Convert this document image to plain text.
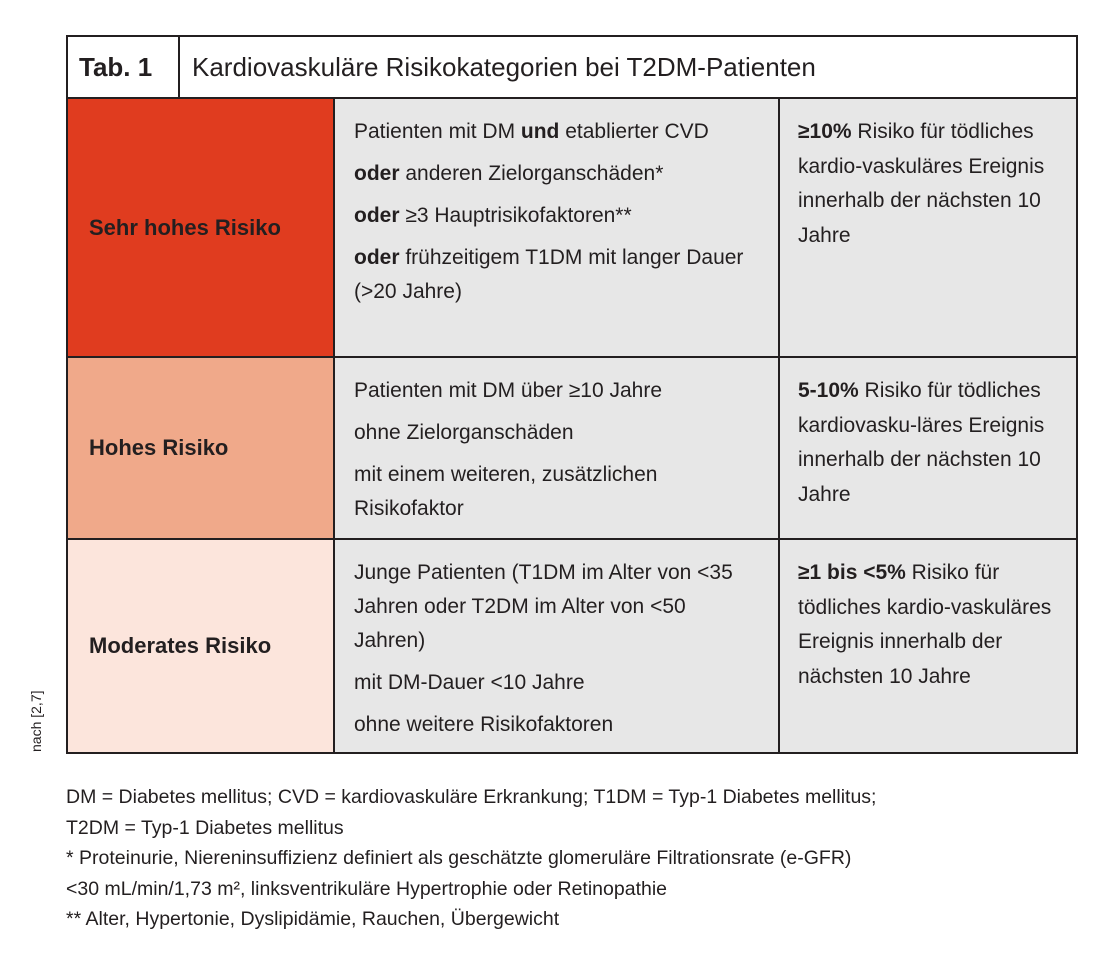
Tab. 1	Kardiovaskuläre Risikokategorien bei T2DM-Patienten
Sehr hohes Risiko
Patienten mit DM und etablierter CVD
oder anderen Zielorganschäden*
oder ≥3 Hauptrisikofaktoren**
oder frühzeitigem T1DM mit langer Dauer (>20 Jahre)
≥10% Risiko für tödliches kardio-vaskuläres Ereignis innerhalb der nächsten 10 Jahre
Hohes Risiko
Patienten mit DM über ≥10 Jahre
ohne Zielorganschäden
mit einem weiteren, zusätzlichen Risikofaktor
5-10% Risiko für tödliches kardiovasku-läres Ereignis innerhalb der nächsten 10 Jahre
Moderates Risiko
Junge Patienten (T1DM im Alter von <35 Jahren oder T2DM im Alter von <50 Jahren)
mit DM-Dauer <10 Jahre
ohne weitere Risikofaktoren
≥1 bis <5% Risiko für tödliches kardio-vaskuläres Ereignis innerhalb der nächsten 10 Jahre
nach [2,7]
DM = Diabetes mellitus; CVD = kardiovaskuläre Erkrankung; T1DM = Typ-1 Diabetes mellitus;
T2DM = Typ-1 Diabetes mellitus
* Proteinurie, Niereninsuffizienz definiert als geschätzte glomeruläre Filtrationsrate (e-GFR)
<30 mL/min/1,73 m², linksventrikuläre Hypertrophie oder Retinopathie
** Alter, Hypertonie, Dyslipidämie, Rauchen, Übergewicht
